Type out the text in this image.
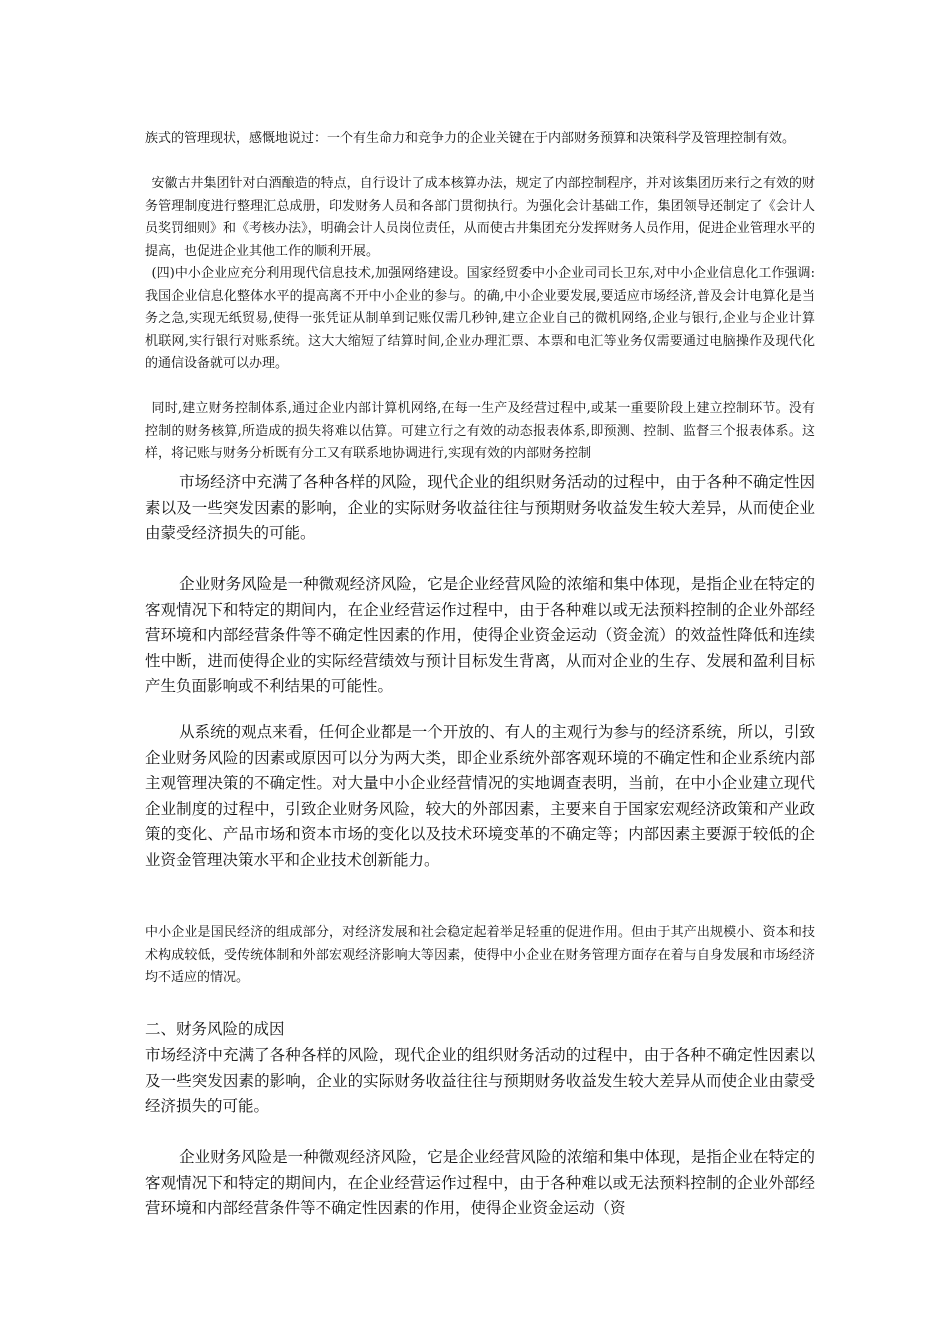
族式的管理现状，感慨地说过：一个有生命力和竞争力的企业关键在于内部财务预算和决策科学及管理控制有效。

安徽古井集团针对白酒酿造的特点，自行设计了成本核算办法，规定了内部控制程序，并对该集团历来行之有效的财务管理制度进行整理汇总成册，印发财务人员和各部门贯彻执行。为强化会计基础工作，集团领导还制定了《会计人员奖罚细则》和《考核办法》，明确会计人员岗位责任，从而使古井集团充分发挥财务人员作用，促进企业管理水平的提高，也促进企业其他工作的顺利开展。

(四)中小企业应充分利用现代信息技术,加强网络建设。国家经贸委中小企业司司长卫东,对中小企业信息化工作强调:我国企业信息化整体水平的提高离不开中小企业的参与。的确,中小企业要发展,要适应市场经济,普及会计电算化是当务之急,实现无纸贸易,使得一张凭证从制单到记账仅需几秒钟,建立企业自己的微机网络,企业与银行,企业与企业计算机联网,实行银行对账系统。这大大缩短了结算时间,企业办理汇票、本票和电汇等业务仅需要通过电脑操作及现代化的通信设备就可以办理。

同时,建立财务控制体系,通过企业内部计算机网络,在每一生产及经营过程中,或某一重要阶段上建立控制环节。没有控制的财务核算,所造成的损失将难以估算。可建立行之有效的动态报表体系,即预测、控制、监督三个报表体系。这样，将记账与财务分析既有分工又有联系地协调进行,实现有效的内部财务控制

市场经济中充满了各种各样的风险，现代企业的组织财务活动的过程中，由于各种不确定性因素以及一些突发因素的影响，企业的实际财务收益往往与预期财务收益发生较大差异，从而使企业由蒙受经济损失的可能。

企业财务风险是一种微观经济风险，它是企业经营风险的浓缩和集中体现，是指企业在特定的客观情况下和特定的期间内，在企业经营运作过程中，由于各种难以或无法预料控制的企业外部经营环境和内部经营条件等不确定性因素的作用，使得企业资金运动（资金流）的效益性降低和连续性中断，进而使得企业的实际经营绩效与预计目标发生背离，从而对企业的生存、发展和盈利目标产生负面影响或不利结果的可能性。

从系统的观点来看，任何企业都是一个开放的、有人的主观行为参与的经济系统，所以，引致企业财务风险的因素或原因可以分为两大类，即企业系统外部客观环境的不确定性和企业系统内部主观管理决策的不确定性。对大量中小企业经营情况的实地调查表明，当前，在中小企业建立现代企业制度的过程中，引致企业财务风险，较大的外部因素，主要来自于国家宏观经济政策和产业政策的变化、产品市场和资本市场的变化以及技术环境变革的不确定等；内部因素主要源于较低的企业资金管理决策水平和企业技术创新能力。

中小企业是国民经济的组成部分，对经济发展和社会稳定起着举足轻重的促进作用。但由于其产出规模小、资本和技术构成较低，受传统体制和外部宏观经济影响大等因素，使得中小企业在财务管理方面存在着与自身发展和市场经济均不适应的情况。

二、财务风险的成因

市场经济中充满了各种各样的风险，现代企业的组织财务活动的过程中，由于各种不确定性因素以及一些突发因素的影响，企业的实际财务收益往往与预期财务收益发生较大差异从而使企业由蒙受经济损失的可能。

企业财务风险是一种微观经济风险，它是企业经营风险的浓缩和集中体现，是指企业在特定的客观情况下和特定的期间内，在企业经营运作过程中，由于各种难以或无法预料控制的企业外部经营环境和内部经营条件等不确定性因素的作用，使得企业资金运动（资
